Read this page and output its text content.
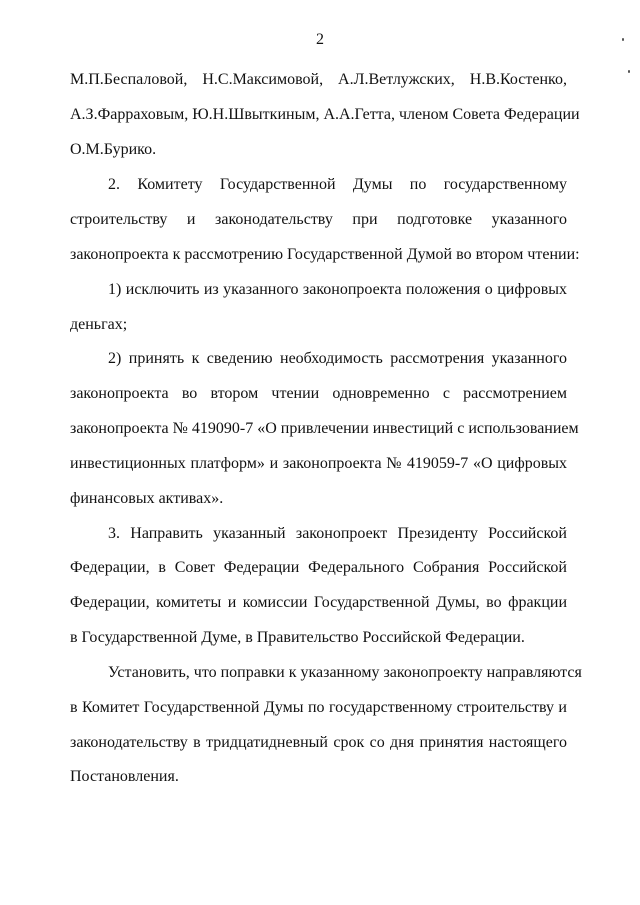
2
М.П.Беспаловой, Н.С.Максимовой, А.Л.Ветлужских, Н.В.Костенко,
А.З.Фарраховым, Ю.Н.Швыткиным, А.А.Гетта, членом Совета Федерации
О.М.Бурико.
2. Комитету Государственной Думы по государственному
строительству и законодательству при подготовке указанного
законопроекта к рассмотрению Государственной Думой во втором чтении:
1) исключить из указанного законопроекта положения о цифровых
деньгах;
2) принять к сведению необходимость рассмотрения указанного
законопроекта во втором чтении одновременно с рассмотрением
законопроекта № 419090-7 «О привлечении инвестиций с использованием
инвестиционных платформ» и законопроекта № 419059-7 «О цифровых
финансовых активах».
3. Направить указанный законопроект Президенту Российской
Федерации, в Совет Федерации Федерального Собрания Российской
Федерации, комитеты и комиссии Государственной Думы, во фракции
в Государственной Думе, в Правительство Российской Федерации.
Установить, что поправки к указанному законопроекту направляются
в Комитет Государственной Думы по государственному строительству и
законодательству в тридцатидневный срок со дня принятия настоящего
Постановления.
